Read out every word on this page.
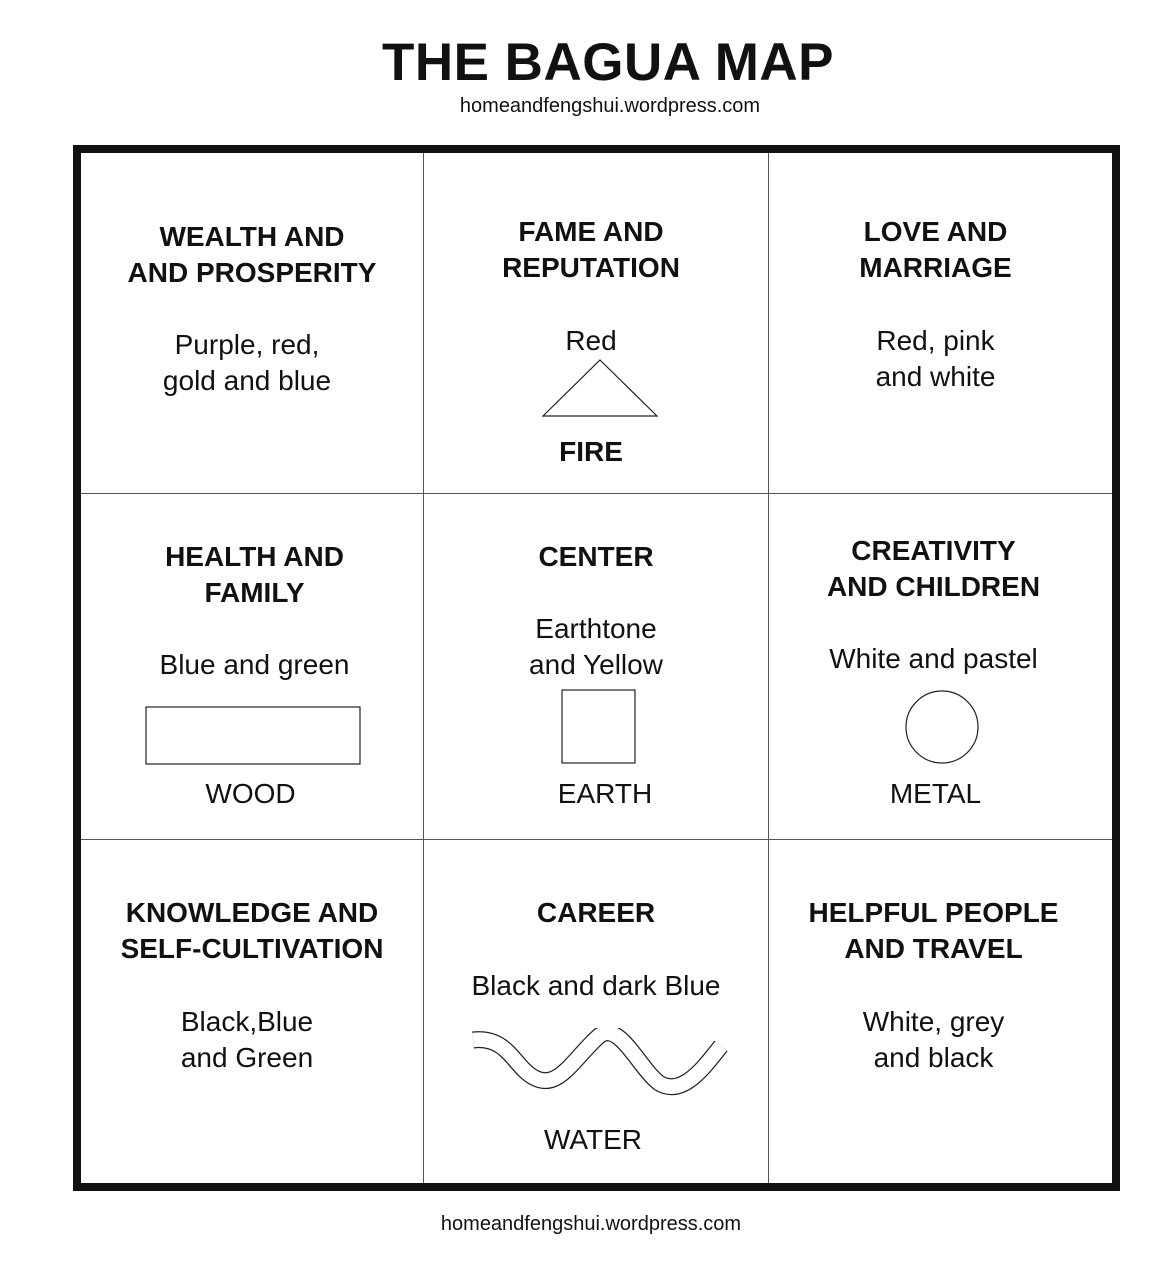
THE BAGUA MAP
homeandfengshui.wordpress.com
WEALTH AND
AND PROSPERITY
Purple, red,
gold and blue
FAME AND
REPUTATION
Red
FIRE
LOVE AND
MARRIAGE
Red, pink
and white
HEALTH AND
FAMILY
Blue and green
WOOD
CENTER
Earthtone
and Yellow
EARTH
CREATIVITY
AND CHILDREN
White and pastel
METAL
KNOWLEDGE AND
SELF-CULTIVATION
Black,Blue
and Green
CAREER
Black and dark Blue
WATER
HELPFUL PEOPLE
AND TRAVEL
White, grey
and black
homeandfengshui.wordpress.com
